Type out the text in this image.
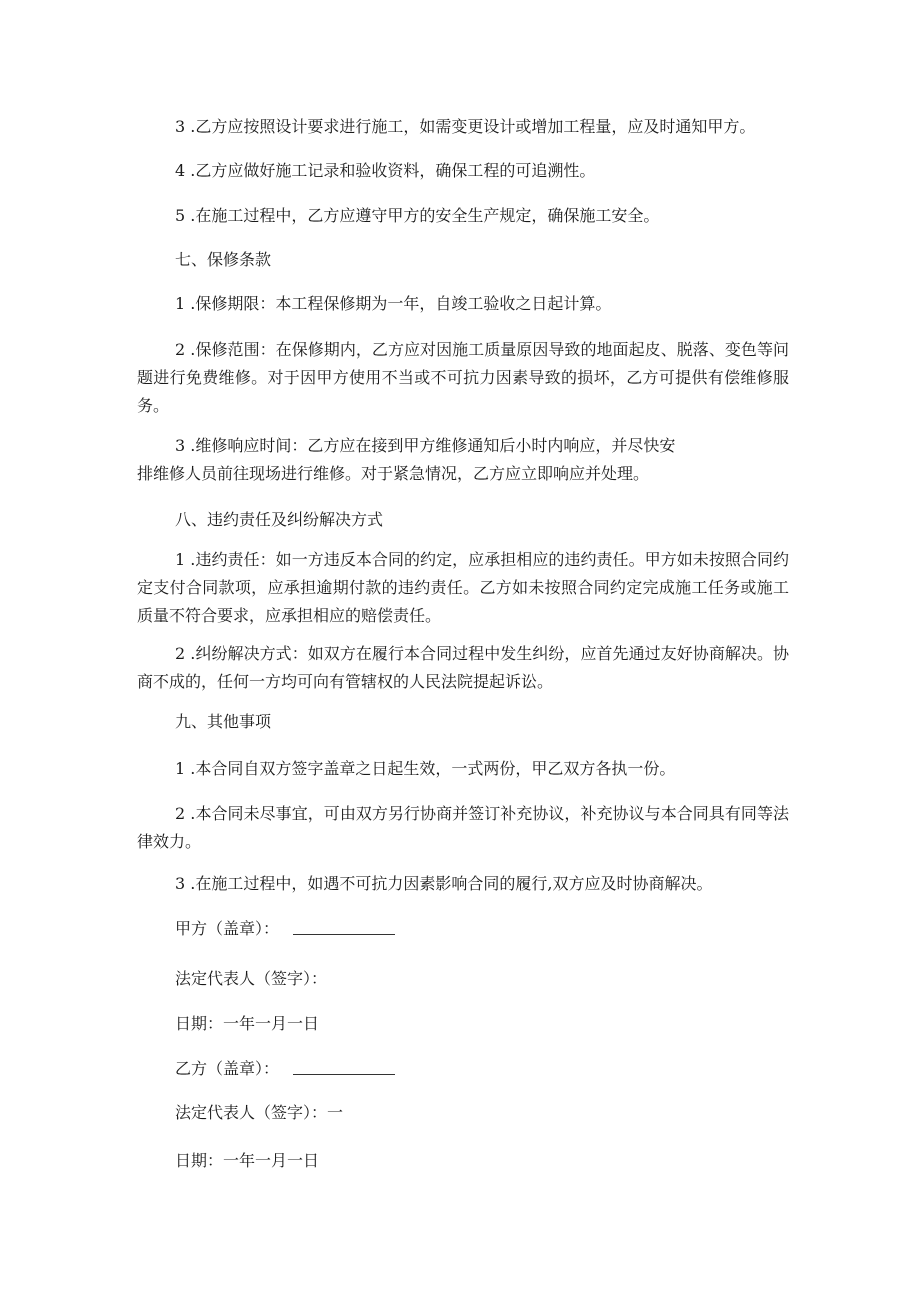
3 .乙方应按照设计要求进行施工，如需变更设计或增加工程量，应及时通知甲方。
4 .乙方应做好施工记录和验收资料，确保工程的可追溯性。
5 .在施工过程中，乙方应遵守甲方的安全生产规定，确保施工安全。
七、保修条款
1 .保修期限：本工程保修期为一年，自竣工验收之日起计算。
2 .保修范围：在保修期内，乙方应对因施工质量原因导致的地面起皮、脱落、变色等问题进行免费维修。对于因甲方使用不当或不可抗力因素导致的损坏，乙方可提供有偿维修服务。
3 .维修响应时间：乙方应在接到甲方维修通知后小时内响应，并尽快安
排维修人员前往现场进行维修。对于紧急情况，乙方应立即响应并处理。
八、违约责任及纠纷解决方式
1 .违约责任：如一方违反本合同的约定，应承担相应的违约责任。甲方如未按照合同约定支付合同款项，应承担逾期付款的违约责任。乙方如未按照合同约定完成施工任务或施工质量不符合要求，应承担相应的赔偿责任。
2 .纠纷解决方式：如双方在履行本合同过程中发生纠纷，应首先通过友好协商解决。协商不成的，任何一方均可向有管辖权的人民法院提起诉讼。
九、其他事项
1 .本合同自双方签字盖章之日起生效，一式两份，甲乙双方各执一份。
2 .本合同未尽事宜，可由双方另行协商并签订补充协议，补充协议与本合同具有同等法律效力。
3 .在施工过程中，如遇不可抗力因素影响合同的履行,双方应及时协商解决。
甲方（盖章）：
法定代表人（签字）：
日期：一年一月一日
乙方（盖章）：
法定代表人（签字）：一
日期：一年一月一日
